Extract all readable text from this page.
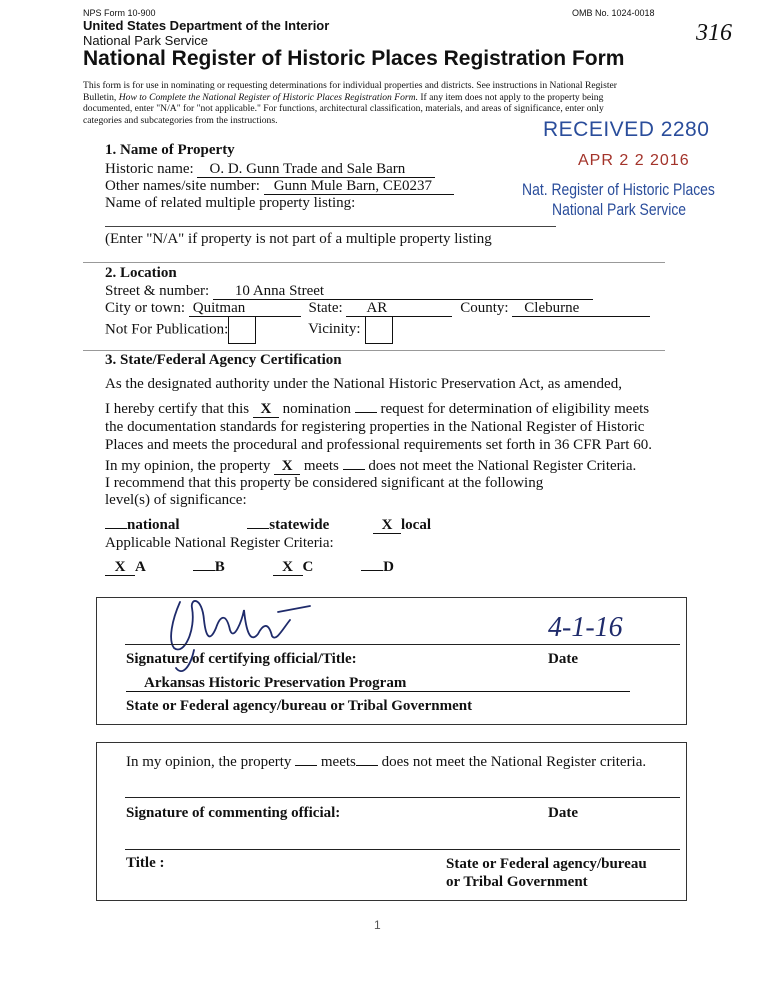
NPS Form 10-900	OMB No. 1024-0018
United States Department of the Interior
National Park Service	316
National Register of Historic Places Registration Form
This form is for use in nominating or requesting determinations for individual properties and districts. See instructions in National Register
Bulletin, How to Complete the National Register of Historic Places Registration Form. If any item does not apply to the property being
documented, enter "N/A" for "not applicable." For functions, architectural classification, materials, and areas of significance, enter only
categories and subcategories from the instructions.	RECEIVED 2280
APR 2 2 2016
Nat. Register of Historic Places
National Park Service
1. Name of Property
Historic name: O. D. Gunn Trade and Sale Barn
Other names/site number: Gunn Mule Barn, CE0237
Name of related multiple property listing:
(Enter "N/A" if property is not part of a multiple property listing
2. Location
Street & number: 10 Anna Street
City or town: Quitman	State: AR	County: Cleburne
Not For Publication:	Vicinity:
3. State/Federal Agency Certification
As the designated authority under the National Historic Preservation Act, as amended,
I hereby certify that this X nomination request for determination of eligibility meets
the documentation standards for registering properties in the National Register of Historic
Places and meets the procedural and professional requirements set forth in 36 CFR Part 60.
In my opinion, the property X meets does not meet the National Register Criteria.
I recommend that this property be considered significant at the following
level(s) of significance:
national	statewide	X local
Applicable National Register Criteria:
X A	B	X C	D
4-1-16
Signature of certifying official/Title:	Date
Arkansas Historic Preservation Program
State or Federal agency/bureau or Tribal Government
In my opinion, the property meets does not meet the National Register criteria.
Signature of commenting official:	Date
Title :	State or Federal agency/bureau
or Tribal Government
1
